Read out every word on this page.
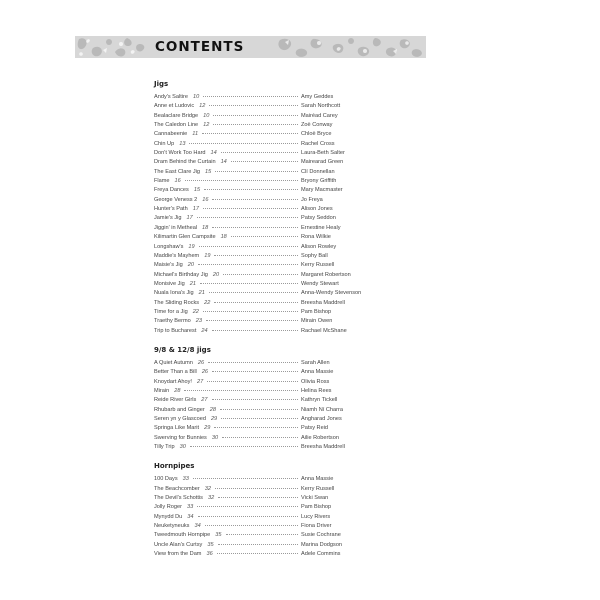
CONTENTS
Jigs
Andy's Saltire 10	Amy Geddes
Anne et Ludovic 12	Sarah Northcott
Bealaclare Bridge 10	Mairéad Carey
The Caledon Line 12	Zoë Conway
Cannabeenie 11	Chloë Bryce
Chin Up 13	Rachel Cross
Don't Work Too Hard 14	Laura-Beth Salter
Dram Behind the Curtain 14	Mairearad Green
The East Clare Jig 15	Clí Donnellan
Flame 16	Bryony Griffith
Freya Dances 15	Mary Macmaster
George Veness 2 16	Jo Freya
Hunter's Path 17	Alison Jones
Jamie's Jig 17	Patsy Seddon
Jiggin' in Metheal 18	Ernestine Healy
Kilimartin Glen Campsite 18	Rona Wilkie
Longshaw's 19	Alison Rowley
Maddie's Mayhem 19	Sophy Ball
Maisie's Jig 20	Kerry Russell
Michael's Birthday Jig 20	Margaret Robertson
Monisive Jig 21	Wendy Stewart
Nuala Iona's Jig 21	Anna-Wendy Stevenson
The Sliding Rocks 22	Breesha Maddrell
Time for a Jig 22	Pam Bishop
Traethy Bermo 23	Mirain Owen
Trip to Bucharest 24	Rachael McShane
9/8 & 12/8 jigs
A Quiet Autumn 26	Sarah Allen
Better Than a Bill 26	Anna Massie
Knoydart Ahoy! 27	Olivia Ross
Mirain 28	Helina Rees
Reide River Girls 27	Kathryn Tickell
Rhubarb and Ginger 28	Niamh Ní Charra
Seren yn y Glascoed 29	Angharad Jones
Springa Like Marit 29	Patsy Reid
Swerving for Bunnies 30	Ailie Robertson
Tilly Trip 30	Breesha Maddrell
Hornpipes
100 Days 33	Anna Massie
The Beachcomber 32	Kerry Russell
The Devil's Schottis 32	Vicki Swan
Jolly Roger 33	Pam Bishop
Mynydd Du 34	Lucy Rivers
Neuketyneuks 34	Fiona Driver
Tweedmouth Hornpipe 35	Susie Cochrane
Uncle Alan's Curtsy 35	Marina Dodgson
View from the Dam 36	Adele Commins
